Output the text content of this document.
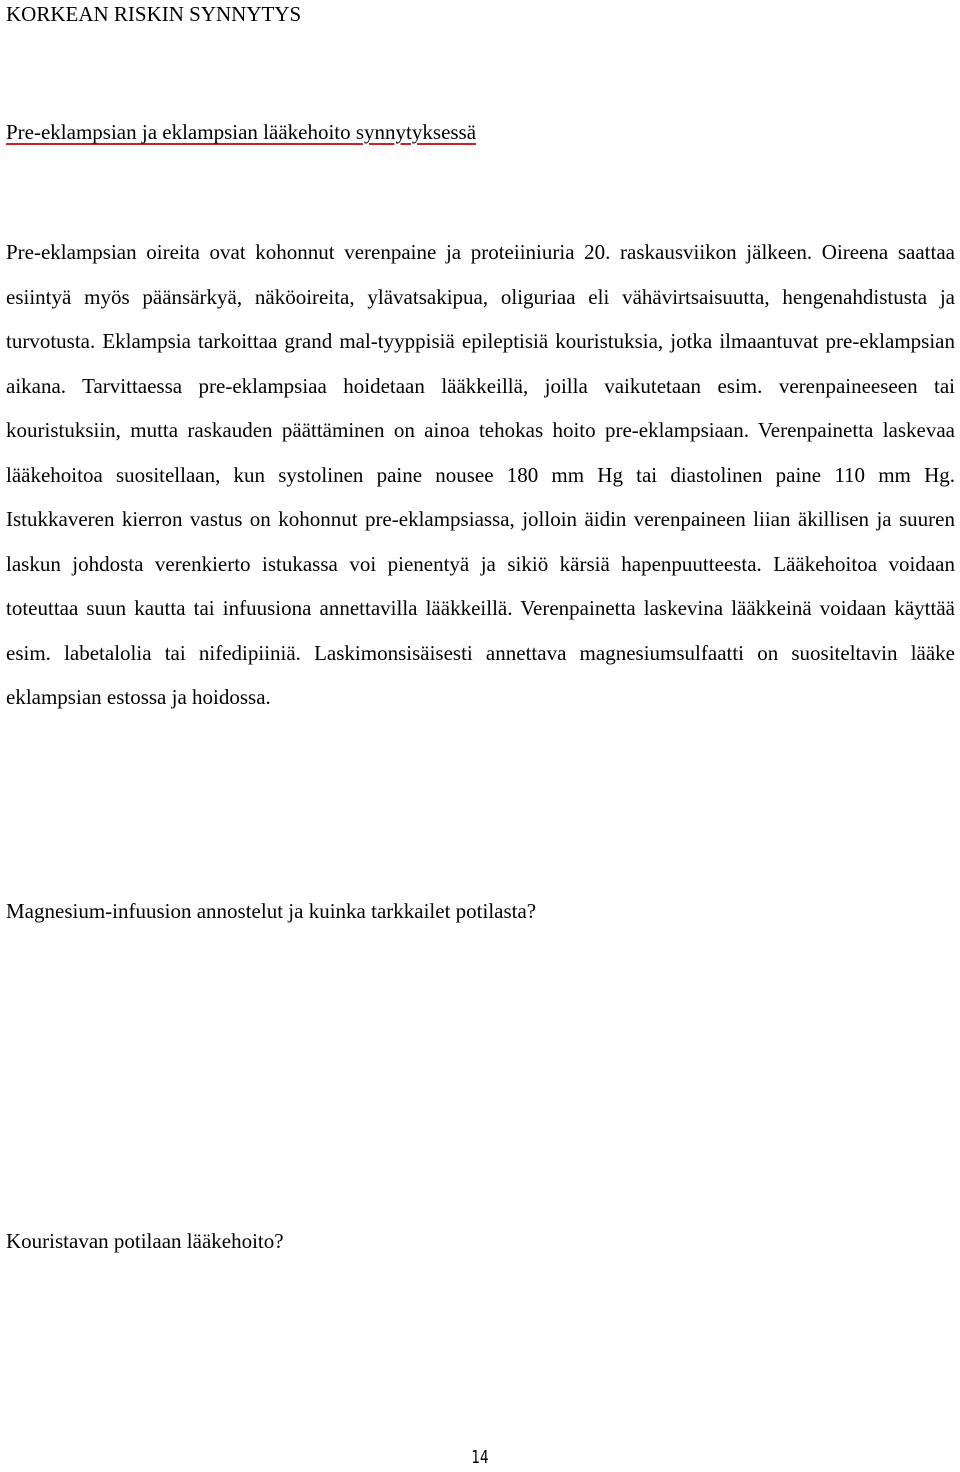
KORKEAN RISKIN SYNNYTYS
Pre-eklampsian ja eklampsian lääkehoito synnytyksessä

Pre-eklampsian oireita ovat kohonnut verenpaine ja proteiiniuria 20. raskausviikon jälkeen. Oireena saattaa esiintyä myös päänsärkyä, näköoireita, ylävatsakipua, oliguriaa eli vähävirtsaisuutta, hengenahdistusta ja turvotusta. Eklampsia tarkoittaa grand mal-tyyppisiä epileptisiä kouristuksia, jotka ilmaantuvat pre-eklampsian aikana. Tarvittaessa pre-eklampsiaa hoidetaan lääkkeillä, joilla vaikutetaan esim. verenpaineeseen tai kouristuksiin, mutta raskauden päättäminen on ainoa tehokas hoito pre-eklampsiaan. Verenpainetta laskevaa lääkehoitoa suositellaan, kun systolinen paine nousee 180 mm Hg tai diastolinen paine 110 mm Hg. Istukkaveren kierron vastus on kohonnut pre-eklampsiassa, jolloin äidin verenpaineen liian äkillisen ja suuren laskun johdosta verenkierto istukassa voi pienentyä ja sikiö kärsiä hapenpuutteesta. Lääkehoitoa voidaan toteuttaa suun kautta tai infuusiona annettavilla lääkkeillä. Verenpainetta laskevina lääkkeinä voidaan käyttää esim. labetalolia tai nifedipiiniä. Laskimonsisäisesti annettava magnesiumsulfaatti on suositeltavin lääke eklampsian estossa ja hoidossa.

Magnesium-infuusion annostelut ja kuinka tarkkailet potilasta?

Kouristavan potilaan lääkehoito?

14
